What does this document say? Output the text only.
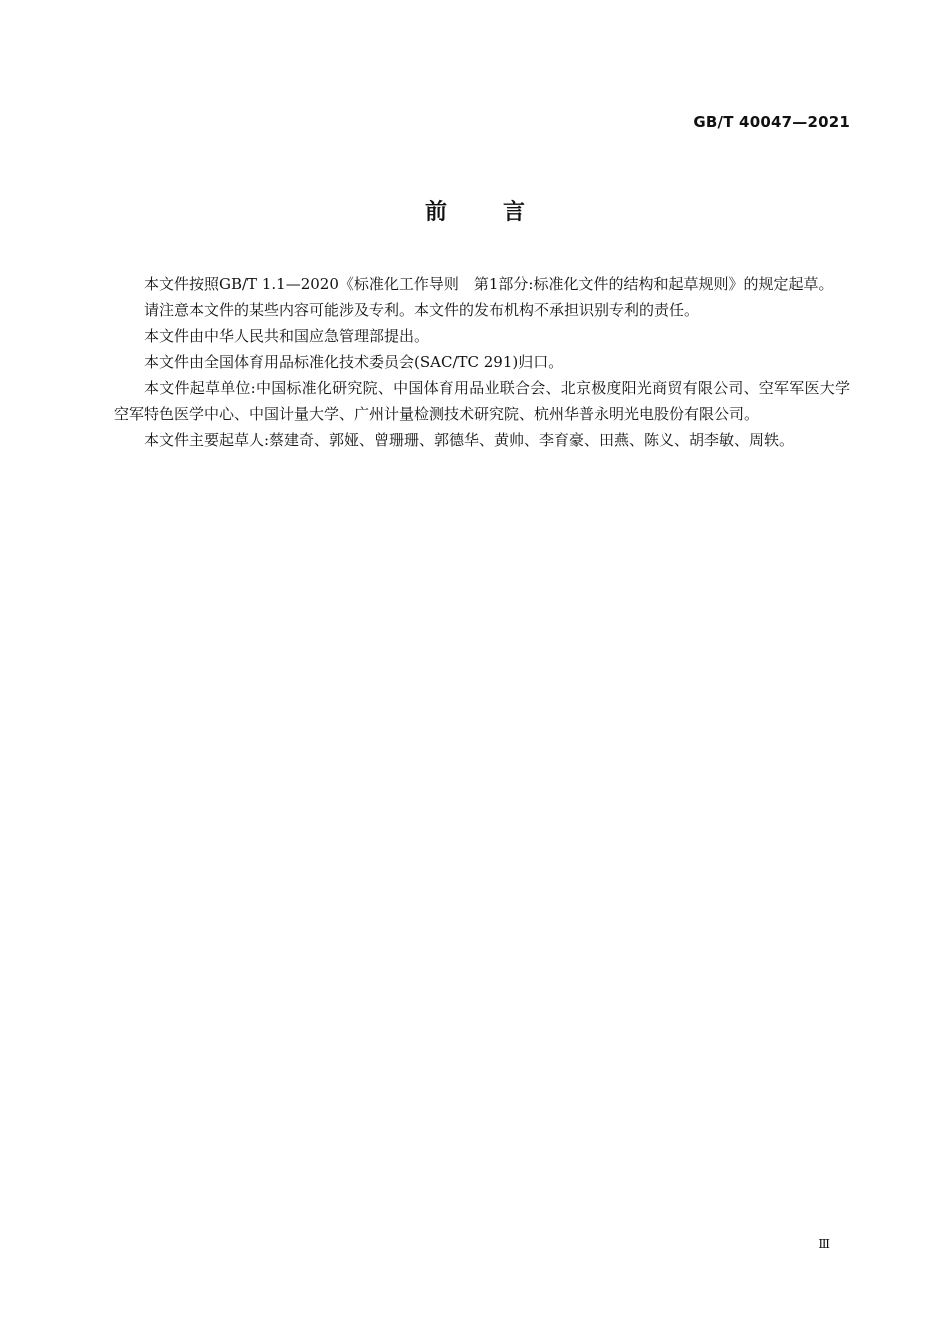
GB/T 40047—2021
前	言

本文件按照GB/T 1.1—2020《标准化工作导则　第1部分:标准化文件的结构和起草规则》的规定起草。

请注意本文件的某些内容可能涉及专利。本文件的发布机构不承担识别专利的责任。

本文件由中华人民共和国应急管理部提出。

本文件由全国体育用品标准化技术委员会(SAC/TC 291)归口。

本文件起草单位:中国标准化研究院、中国体育用品业联合会、北京极度阳光商贸有限公司、空军军医大学空军特色医学中心、中国计量大学、广州计量检测技术研究院、杭州华普永明光电股份有限公司。

本文件主要起草人:蔡建奇、郭娅、曾珊珊、郭德华、黄帅、李育豪、田燕、陈义、胡李敏、周轶。

Ⅲ
